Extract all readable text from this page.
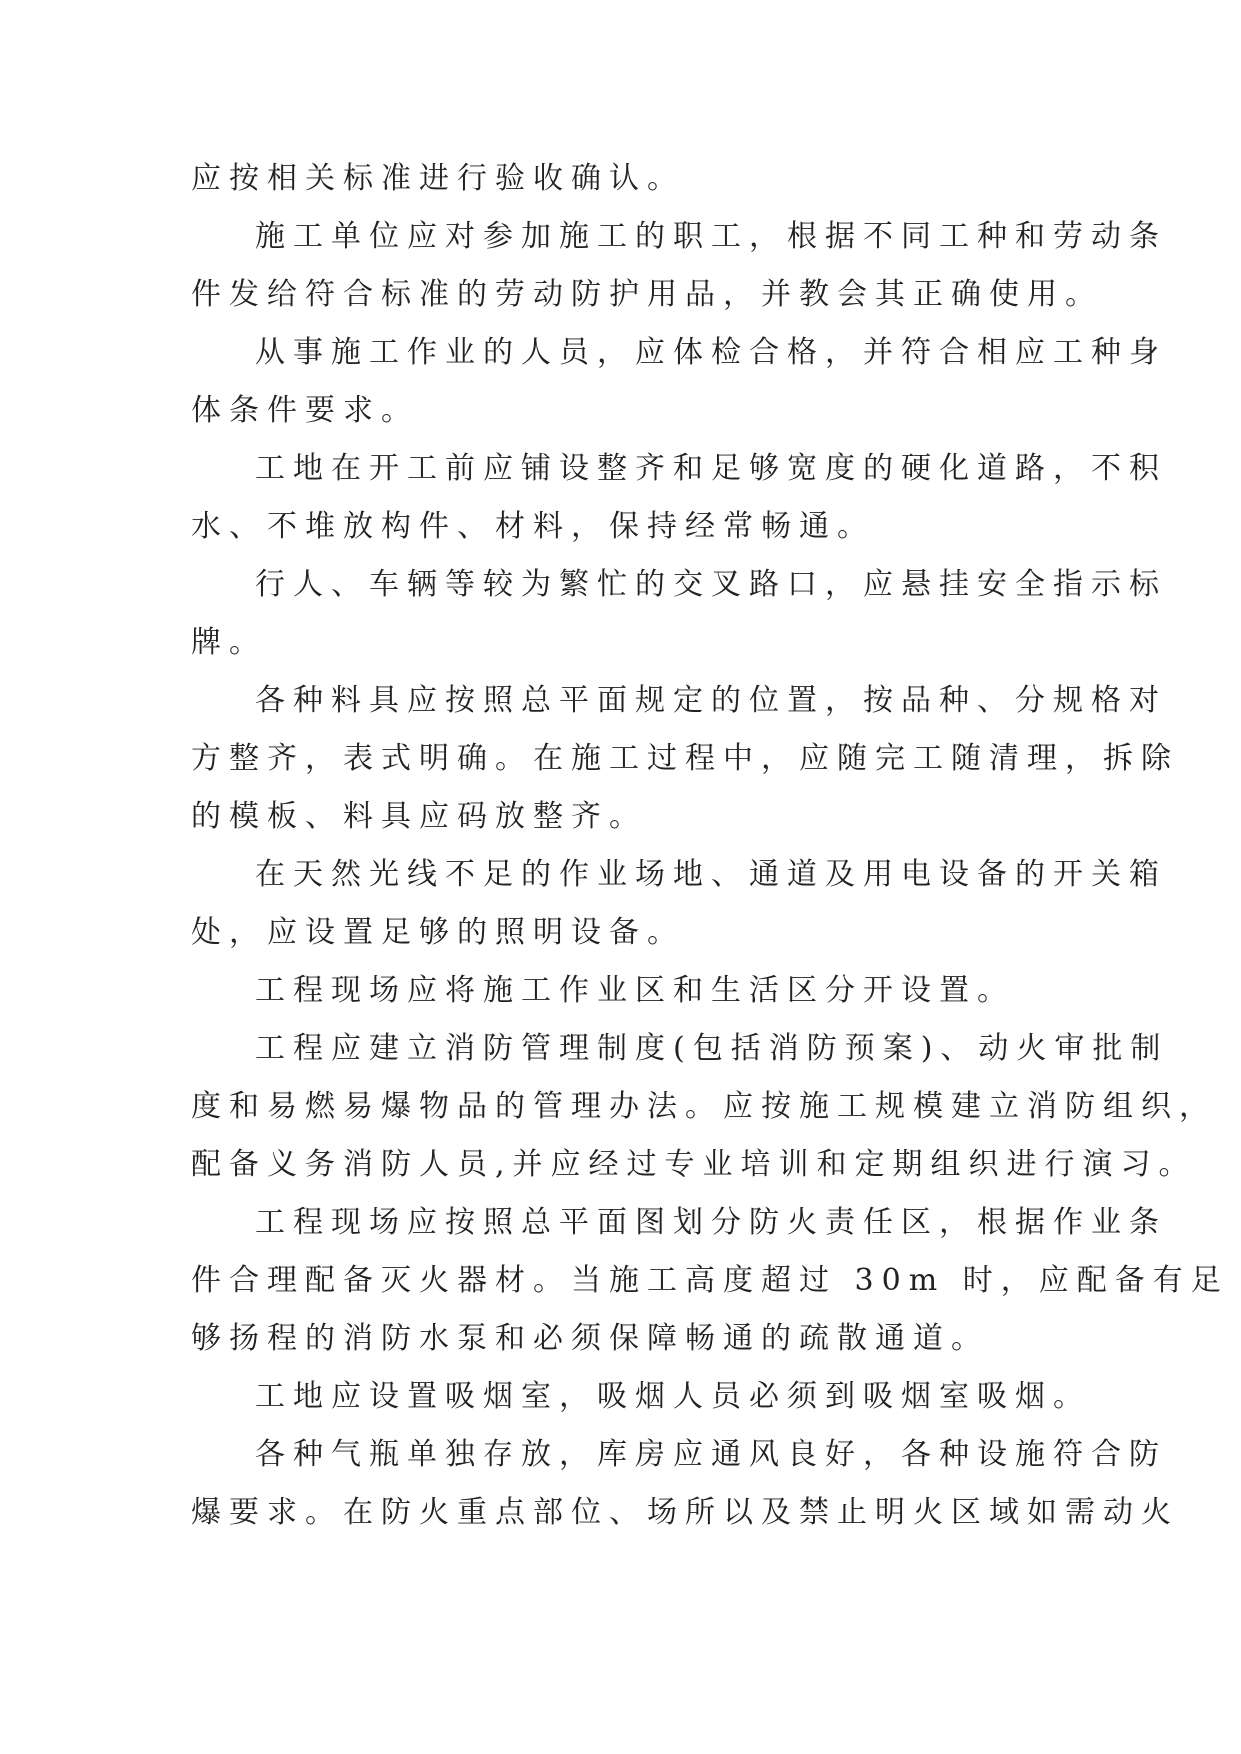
应按相关标准进行验收确认。
施工单位应对参加施工的职工，根据不同工种和劳动条
件发给符合标准的劳动防护用品，并教会其正确使用。
从事施工作业的人员，应体检合格，并符合相应工种身
体条件要求。
工地在开工前应铺设整齐和足够宽度的硬化道路，不积
水、不堆放构件、材料，保持经常畅通。
行人、车辆等较为繁忙的交叉路口，应悬挂安全指示标
牌。
各种料具应按照总平面规定的位置，按品种、分规格对
方整齐，表式明确。在施工过程中，应随完工随清理，拆除
的模板、料具应码放整齐。
在天然光线不足的作业场地、通道及用电设备的开关箱
处，应设置足够的照明设备。
工程现场应将施工作业区和生活区分开设置。
工程应建立消防管理制度(包括消防预案)、动火审批制
度和易燃易爆物品的管理办法。应按施工规模建立消防组织，
配备义务消防人员,并应经过专业培训和定期组织进行演习。
工程现场应按照总平面图划分防火责任区，根据作业条
件合理配备灭火器材。当施工高度超过 30m 时，应配备有足
够扬程的消防水泵和必须保障畅通的疏散通道。
工地应设置吸烟室，吸烟人员必须到吸烟室吸烟。
各种气瓶单独存放，库房应通风良好，各种设施符合防
爆要求。在防火重点部位、场所以及禁止明火区域如需动火
